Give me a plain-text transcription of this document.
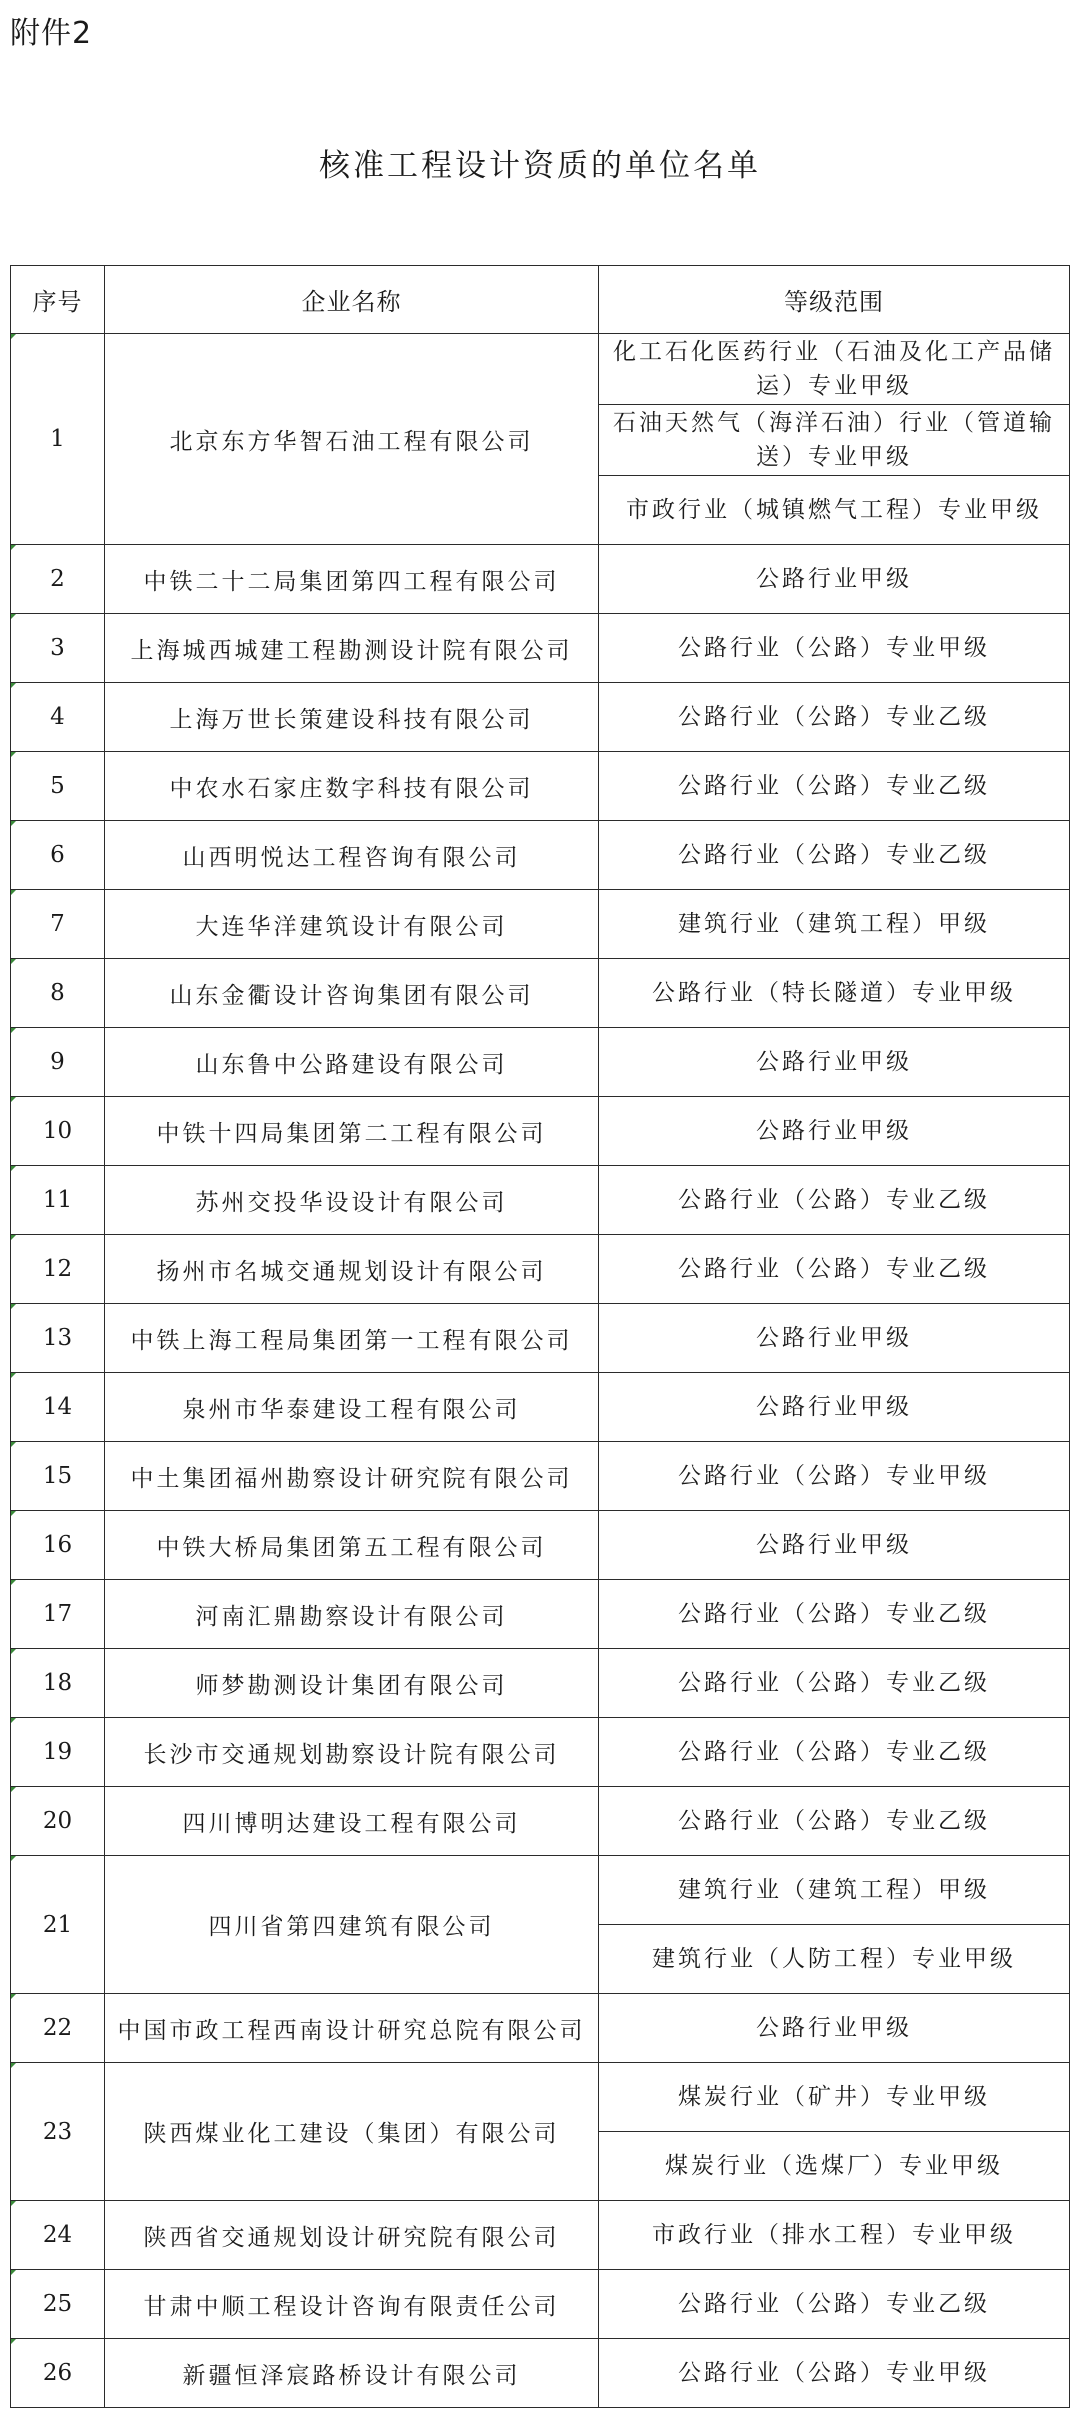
附件2
核准工程设计资质的单位名单
序号	企业名称	等级范围
1	北京东方华智石油工程有限公司	化工石化医药行业（石油及化工产品储运）专业甲级
		石油天然气（海洋石油）行业（管道输送）专业甲级
		市政行业（城镇燃气工程）专业甲级
2	中铁二十二局集团第四工程有限公司	公路行业甲级
3	上海城西城建工程勘测设计院有限公司	公路行业（公路）专业甲级
4	上海万世长策建设科技有限公司	公路行业（公路）专业乙级
5	中农水石家庄数字科技有限公司	公路行业（公路）专业乙级
6	山西明悦达工程咨询有限公司	公路行业（公路）专业乙级
7	大连华洋建筑设计有限公司	建筑行业（建筑工程）甲级
8	山东金衢设计咨询集团有限公司	公路行业（特长隧道）专业甲级
9	山东鲁中公路建设有限公司	公路行业甲级
10	中铁十四局集团第二工程有限公司	公路行业甲级
11	苏州交投华设设计有限公司	公路行业（公路）专业乙级
12	扬州市名城交通规划设计有限公司	公路行业（公路）专业乙级
13	中铁上海工程局集团第一工程有限公司	公路行业甲级
14	泉州市华泰建设工程有限公司	公路行业甲级
15	中土集团福州勘察设计研究院有限公司	公路行业（公路）专业甲级
16	中铁大桥局集团第五工程有限公司	公路行业甲级
17	河南汇鼎勘察设计有限公司	公路行业（公路）专业乙级
18	师梦勘测设计集团有限公司	公路行业（公路）专业乙级
19	长沙市交通规划勘察设计院有限公司	公路行业（公路）专业乙级
20	四川博明达建设工程有限公司	公路行业（公路）专业乙级
21	四川省第四建筑有限公司	建筑行业（建筑工程）甲级
		建筑行业（人防工程）专业甲级
22	中国市政工程西南设计研究总院有限公司	公路行业甲级
23	陕西煤业化工建设（集团）有限公司	煤炭行业（矿井）专业甲级
		煤炭行业（选煤厂）专业甲级
24	陕西省交通规划设计研究院有限公司	市政行业（排水工程）专业甲级
25	甘肃中顺工程设计咨询有限责任公司	公路行业（公路）专业乙级
26	新疆恒泽宸路桥设计有限公司	公路行业（公路）专业甲级
